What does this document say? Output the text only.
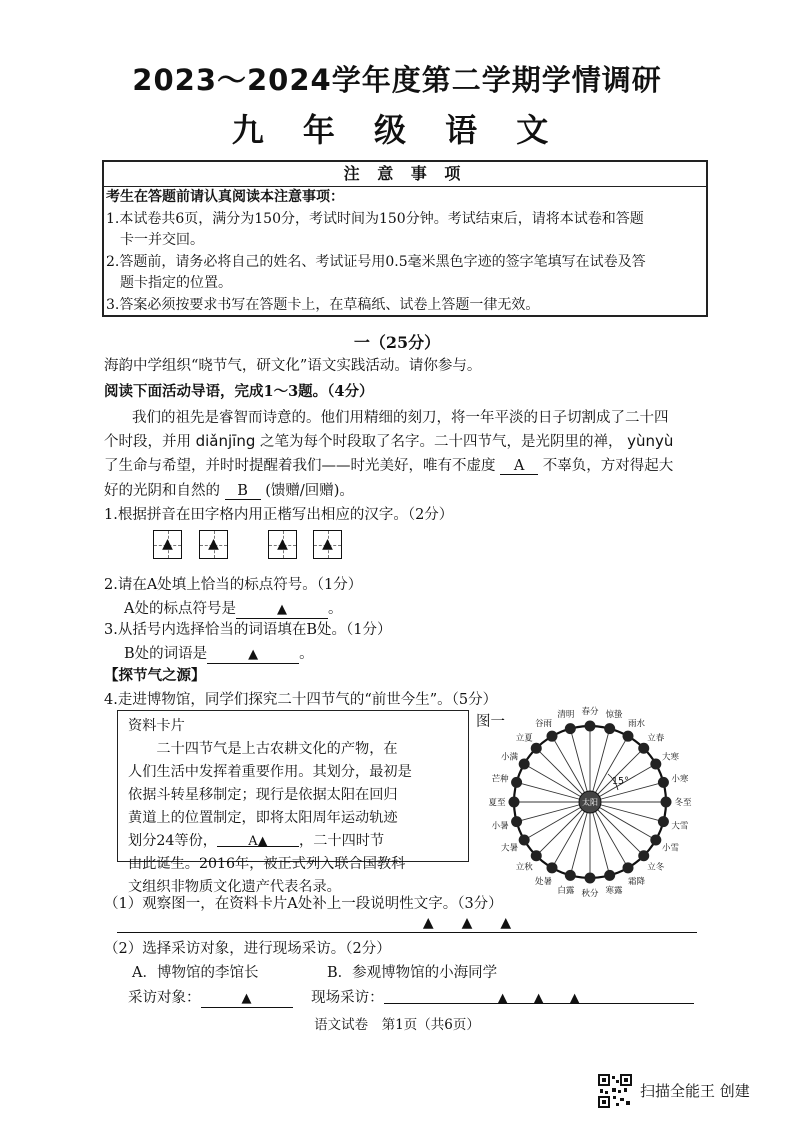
2023～2024学年度第二学期学情调研
九 年 级 语 文
注 意 事 项
考生在答题前请认真阅读本注意事项：
1.本试卷共6页，满分为150分，考试时间为150分钟。考试结束后，请将本试卷和答题
　卡一并交回。
2.答题前，请务必将自己的姓名、考试证号用0.5毫米黑色字迹的签字笔填写在试卷及答
　题卡指定的位置。
3.答案必须按要求书写在答题卡上，在草稿纸、试卷上答题一律无效。
一（25分）
海韵中学组织“晓节气，研文化”语文实践活动。请你参与。
阅读下面活动导语，完成1～3题。（4分）
我们的祖先是睿智而诗意的。他们用精细的刻刀，将一年平淡的日子切割成了二十四
个时段，并用 diǎnjīng 之笔为每个时段取了名字。二十四节气，是光阴里的禅， yùnyù
了生命与希望，并时时提醒着我们——时光美好，唯有不虚度 A 不辜负，方对得起大
好的光阴和自然的 B (馈赠/回赠)。
1.根据拼音在田字格内用正楷写出相应的汉字。（2分）
▲	▲	▲	▲
2.请在A处填上恰当的标点符号。（1分）
A处的标点符号是	▲	。
3.从括号内选择恰当的词语填在B处。（1分）
B处的词语是	▲	。
【探节气之源】
4.走进博物馆，同学们探究二十四节气的“前世今生”。（5分）
资料卡片
　　二十四节气是上古农耕文化的产物，在
人们生活中发挥着重要作用。其划分，最初是
依据斗转星移制定；现行是依据太阳在回归
黄道上的位置制定，即将太阳周年运动轨迹
划分24等份， A▲ ，二十四时节
由此诞生。2016年，被正式列入联合国教科
文组织非物质文化遗产代表名录。
图一
春分
清明
谷雨
立夏
小满
芒种
夏至
小暑
大暑
立秋
处暑
白露 秋分 寒露
霜降
立冬
小雪
大雪
冬至
小寒
大寒
立春
雨水
惊蛰
太阳
15°
（1）观察图一，在资料卡片A处补上一段说明性文字。（3分）
▲　　▲　　▲
（2）选择采访对象，进行现场采访。（2分）
A．博物馆的李馆长	B．参观博物馆的小海同学
采访对象：	▲	现场采访：	▲　　▲　　▲
语文试卷　第1页（共6页）
扫描全能王 创建
